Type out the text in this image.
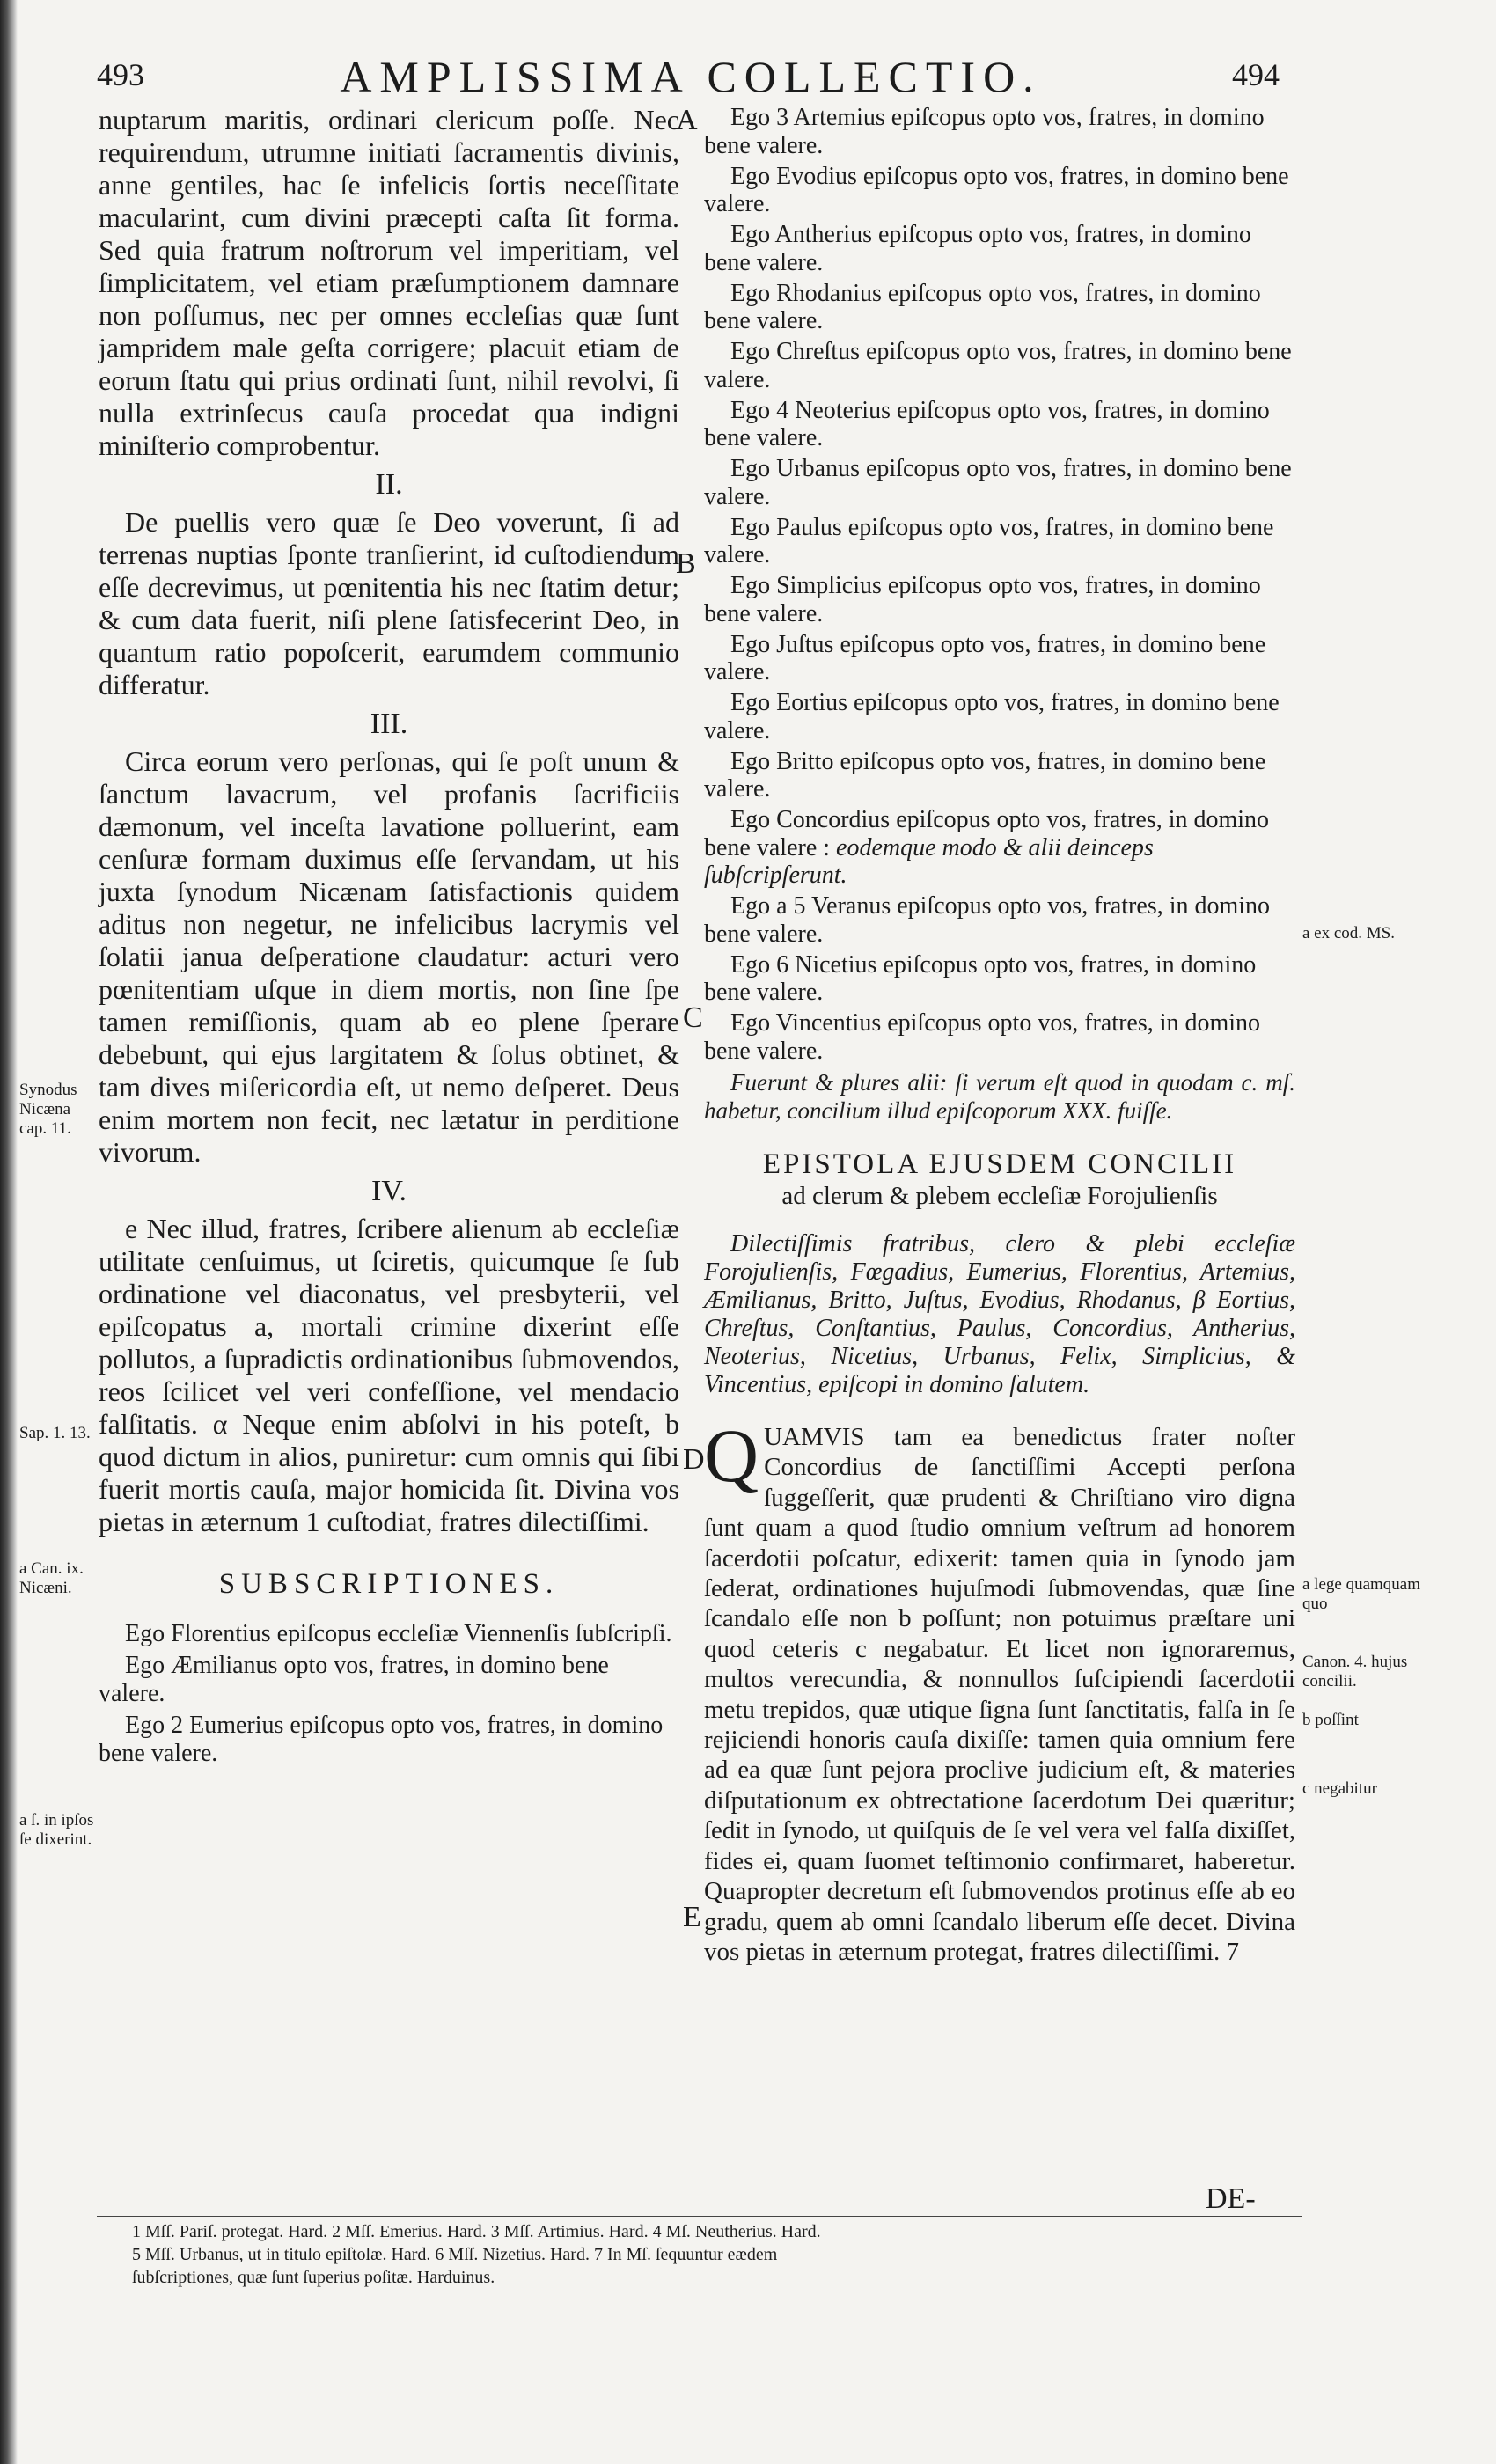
493	AMPLISSIMA COLLECTIO.	494

nuptarum maritis, ordinari clericum poſſe. Nec requirendum, utrumne initiati ſacramentis divinis, anne gentiles, hac ſe infelicis ſortis neceſſitate macularint, cum divini præcepti caſta ſit forma. Sed quia fratrum noſtrorum vel imperitiam, vel ſimplicitatem, vel etiam præſumptionem damnare non poſſumus, nec per omnes eccleſias quæ ſunt jampridem male geſta corrigere; placuit etiam de eorum ſtatu qui prius ordinati ſunt, nihil revolvi, ſi nulla extrinſecus cauſa procedat qua indigni miniſterio comprobentur.

II.

De puellis vero quæ ſe Deo voverunt, ſi ad terrenas nuptias ſponte tranſierint, id cuſtodiendum eſſe decrevimus, ut pœnitentia his nec ſtatim detur; & cum data fuerit, niſi plene ſatisfecerint Deo, in quantum ratio popoſcerit, earumdem communio differatur.

III.

Circa eorum vero perſonas, qui ſe poſt unum & ſanctum lavacrum, vel profanis ſacrificiis dæmonum, vel inceſta lavatione polluerint, eam cenſuræ formam duximus eſſe ſervandam, ut his juxta ſynodum Nicænam ſatisfactionis quidem aditus non negetur, ne infelicibus lacrymis vel ſolatii janua deſperatione claudatur: acturi vero pœnitentiam uſque in diem mortis, non ſine ſpe tamen remiſſionis, quam ab eo plene ſperare debebunt, qui ejus largitatem & ſolus obtinet, & tam dives miſericordia eſt, ut nemo deſperet. Deus enim mortem non fecit, nec lætatur in perditione vivorum.

IV.

e Nec illud, fratres, ſcribere alienum ab eccleſiæ utilitate cenſuimus, ut ſciretis, quicumque ſe ſub ordinatione vel diaconatus, vel presbyterii, vel epiſcopatus a, mortali crimine dixerint eſſe pollutos, a ſupradictis ordinationibus ſubmovendos, reos ſcilicet vel veri confeſſione, vel mendacio falſitatis. α Neque enim abſolvi in his poteſt, b quod dictum in alios, puniretur: cum omnis qui ſibi fuerit mortis cauſa, major homicida ſit. Divina vos pietas in æternum 1 cuſtodiat, fratres dilectiſſimi.

SUBSCRIPTIONES.

Ego Florentius epiſcopus eccleſiæ Viennenſis ſubſcripſi.

Ego Æmilianus opto vos, fratres, in domino bene valere.

Ego 2 Eumerius epiſcopus opto vos, fratres, in domino bene valere.

Ego 3 Artemius epiſcopus opto vos, fratres, in domino bene valere.

Ego Evodius epiſcopus opto vos, fratres, in domino bene valere.

Ego Antherius epiſcopus opto vos, fratres, in domino bene valere.

Ego Rhodanius epiſcopus opto vos, fratres, in domino bene valere.

Ego Chreſtus epiſcopus opto vos, fratres, in domino bene valere.

Ego 4 Neoterius epiſcopus opto vos, fratres, in domino bene valere.

Ego Urbanus epiſcopus opto vos, fratres, in domino bene valere.

Ego Paulus epiſcopus opto vos, fratres, in domino bene valere.

Ego Simplicius epiſcopus opto vos, fratres, in domino bene valere.

Ego Juſtus epiſcopus opto vos, fratres, in domino bene valere.

Ego Eortius epiſcopus opto vos, fratres, in domino bene valere.

Ego Britto epiſcopus opto vos, fratres, in domino bene valere.

Ego Concordius epiſcopus opto vos, fratres, in domino bene valere : eodemque modo & alii deinceps ſubſcripſerunt.

Ego a 5 Veranus epiſcopus opto vos, fratres, in domino bene valere.

Ego 6 Nicetius epiſcopus opto vos, fratres, in domino bene valere.

Ego Vincentius epiſcopus opto vos, fratres, in domino bene valere.

Fuerunt & plures alii: ſi verum eſt quod in quodam c. mſ. habetur, concilium illud epiſcoporum XXX. fuiſſe.

EPISTOLA EJUSDEM CONCILII
ad clerum & plebem eccleſiæ Forojulienſis

Dilectiſſimis fratribus, clero & plebi eccleſiæ Forojulienſis, Fœgadius, Eumerius, Florentius, Artemius, Æmilianus, Britto, Juſtus, Evodius, Rhodanus, β Eortius, Chreſtus, Conſtantius, Paulus, Concordius, Antherius, Neoterius, Nicetius, Urbanus, Felix, Simplicius, & Vincentius, epiſcopi in domino ſalutem.

QUAMVIS tam ea benedictus frater noſter Concordius de ſanctiſſimi Accepti perſona ſuggeſſerit, quæ prudenti & Chriſtiano viro digna ſunt quam a quod ſtudio omnium veſtrum ad honorem ſacerdotii poſcatur, edixerit: tamen quia in ſynodo jam ſederat, ordinationes hujuſmodi ſubmovendas, quæ ſine ſcandalo eſſe non b poſſunt; non potuimus præſtare uni quod ceteris c negabatur. Et licet non ignoraremus, multos verecundia, & nonnullos ſuſcipiendi ſacerdotii metu trepidos, quæ utique ſigna ſunt ſanctitatis, falſa in ſe rejiciendi honoris cauſa dixiſſe: tamen quia omnium fere ad ea quæ ſunt pejora proclive judicium eſt, & materies diſputationum ex obtrectatione ſacerdotum Dei quæritur; ſedit in ſynodo, ut quiſquis de ſe vel vera vel falſa dixiſſet, fides ei, quam ſuomet teſtimonio confirmaret, haberetur. Quapropter decretum eſt ſubmovendos protinus eſſe ab eo gradu, quem ab omni ſcandalo liberum eſſe decet. Divina vos pietas in æternum protegat, fratres dilectiſſimi. 7

A
B
C
D
E
Synodus Nicæna cap. 11.
Sap. 1. 13.
a Can. ix. Nicæni.
a ſ. in ipſos ſe dixerint.
a ex cod. MS.
a lege quamquam quo
Canon. 4. hujus concilii.
b poſſint
c negabitur
DE-
1 Mſſ. Pariſ. protegat. Hard. 2 Mſſ. Emerius. Hard. 3 Mſſ. Artimius. Hard. 4 Mſ. Neutherius. Hard.
5 Mſſ. Urbanus, ut in titulo epiſtolæ. Hard. 6 Mſſ. Nizetius. Hard. 7 In Mſ. ſequuntur eædem
ſubſcriptiones, quæ ſunt ſuperius poſitæ. Harduinus.
